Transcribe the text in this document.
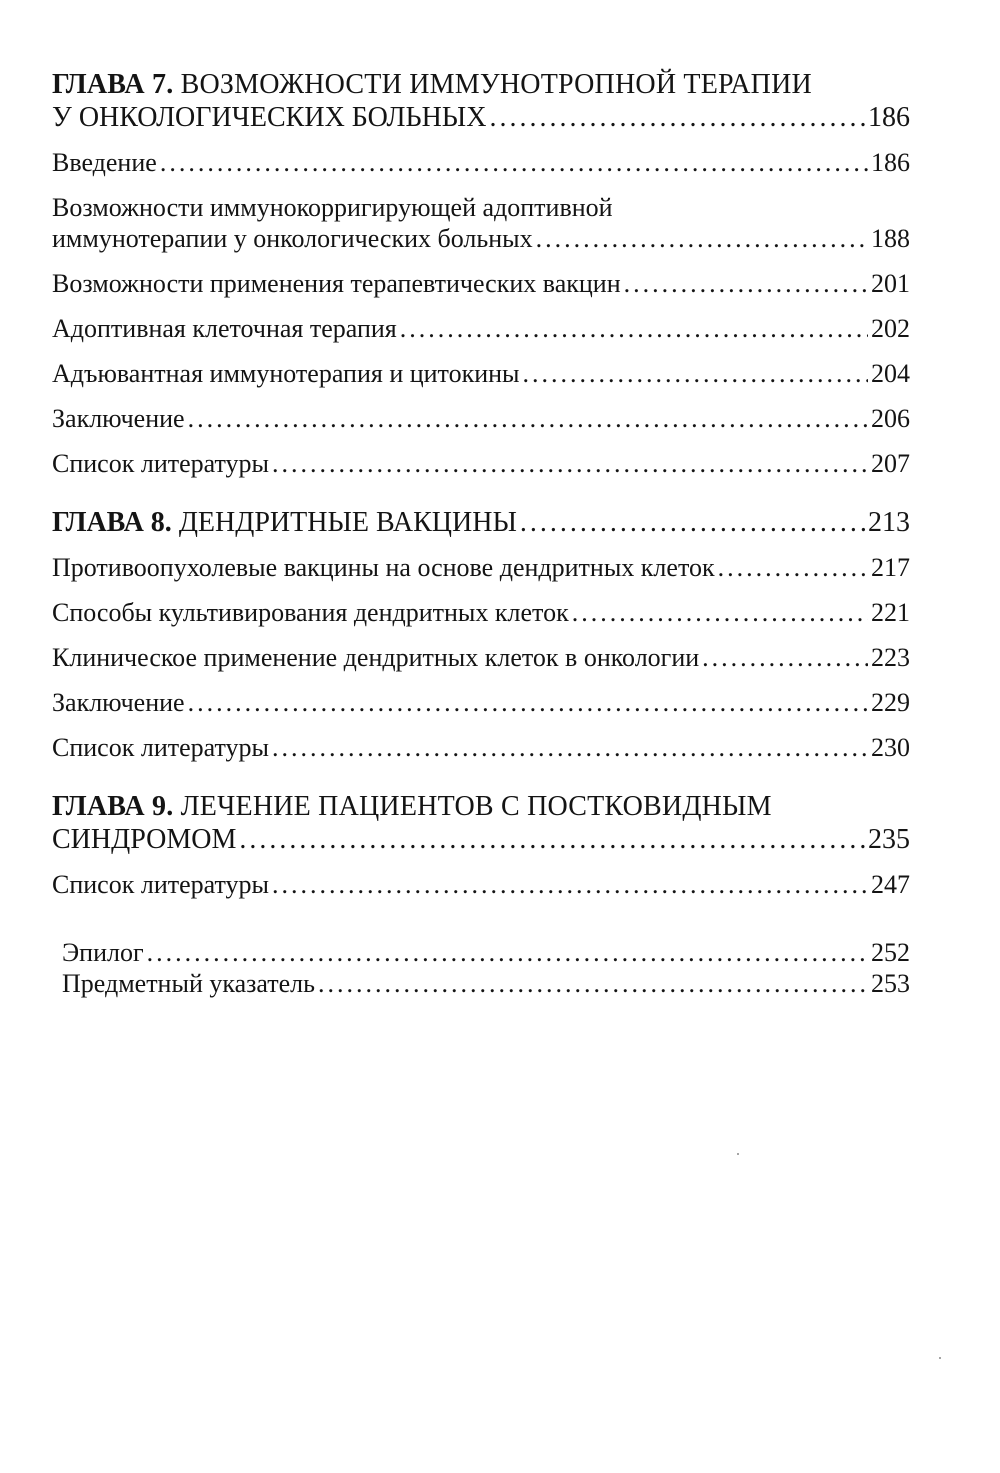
ГЛАВА 7. ВОЗМОЖНОСТИ ИММУНОТРОПНОЙ ТЕРАПИИ
У ОНКОЛОГИЧЕСКИХ БОЛЬНЫХ .....	186
Введение .....	186
Возможности иммунокорригирующей адоптивной
иммунотерапии у онкологических больных .....	188
Возможности применения терапевтических вакцин .....	201
Адоптивная клеточная терапия .....	202
Адъювантная иммунотерапия и цитокины .....	204
Заключение .....	206
Список литературы .....	207
ГЛАВА 8. ДЕНДРИТНЫЕ ВАКЦИНЫ .....	213
Противоопухолевые вакцины на основе дендритных клеток .....	217
Способы культивирования дендритных клеток .....	221
Клиническое применение дендритных клеток в онкологии .....	223
Заключение .....	229
Список литературы .....	230
ГЛАВА 9. ЛЕЧЕНИЕ ПАЦИЕНТОВ С ПОСТКОВИДНЫМ
СИНДРОМОМ .....	235
Список литературы .....	247
Эпилог .....	252
Предметный указатель .....	253
